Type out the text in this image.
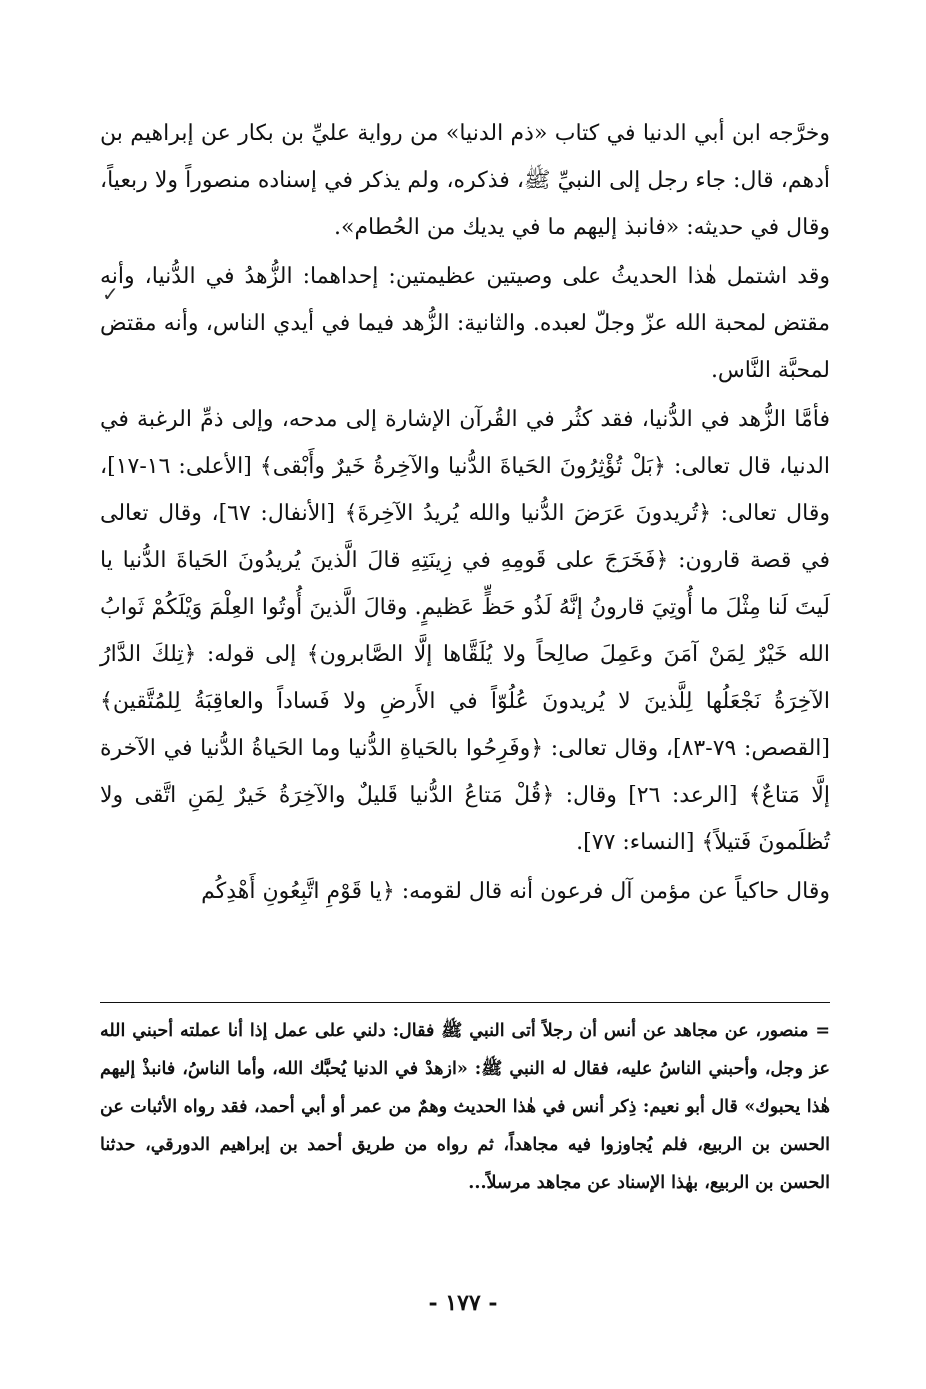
✓

وخرَّجه ابن أبي الدنيا في كتاب «ذم الدنيا» من رواية عليِّ بن بكار عن إبراهيم بن أدهم، قال: جاء رجل إلى النبيِّ ﷺ، فذكره، ولم يذكر في إسناده منصوراً ولا ربعياً، وقال في حديثه: «فانبذ إليهم ما في يديك من الحُطام».

وقد اشتمل هٰذا الحديثُ على وصيتين عظيمتين: إحداهما: الزُّهدُ في الدُّنيا، وأنه مقتض لمحبة الله عزّ وجلّ لعبده. والثانية: الزُّهد فيما في أيدي الناس، وأنه مقتض لمحبَّة النَّاس.

فأمَّا الزُّهد في الدُّنيا، فقد كثُر في القُرآن الإشارة إلى مدحه، وإلى ذمِّ الرغبة في الدنيا، قال تعالى: ﴿بَلْ تُؤْثِرُونَ الحَياةَ الدُّنيا والآخِرةُ خَيرٌ وأَبْقى﴾ [الأعلى: ١٦-١٧]، وقال تعالى: ﴿تُريدونَ عَرَضَ الدُّنيا والله يُريدُ الآخِرةَ﴾ [الأنفال: ٦٧]، وقال تعالى في قصة قارون: ﴿فَخَرَجَ على قَومِهِ في زِينَتِهِ قالَ الَّذينَ يُريدُونَ الحَياةَ الدُّنيا يا لَيتَ لَنا مِثْلَ ما أُوتِيَ قارونُ إنَّهُ لَذُو حَظٍّ عَظيمٍ. وقالَ الَّذينَ أُوتُوا العِلْمَ وَيْلَكُمْ ثَوابُ الله خَيْرٌ لِمَنْ آمَنَ وعَمِلَ صالِحاً ولا يُلَقَّاها إلَّا الصَّابرون﴾ إلى قوله: ﴿تِلكَ الدَّارُ الآخِرَةُ نَجْعَلُها لِلَّذينَ لا يُريدونَ عُلُوّاً في الأَرضِ ولا فَساداً والعاقِبَةُ لِلمُتَّقين﴾ [القصص: ٧٩-٨٣]، وقال تعالى: ﴿وفَرِحُوا بالحَياةِ الدُّنيا وما الحَياةُ الدُّنيا في الآخرة إلَّا مَتاعٌ﴾ [الرعد: ٢٦] وقال: ﴿قُلْ مَتاعُ الدُّنيا قَليلٌ والآخِرَةُ خَيرٌ لِمَنِ اتَّقى ولا تُظلَمونَ فَتيلاً﴾ [النساء: ٧٧].

وقال حاكياً عن مؤمن آل فرعون أنه قال لقومه: ﴿يا قَوْمِ اتَّبِعُونِ أَهْدِكُم

= منصور، عن مجاهد عن أنس أن رجلاً أتى النبي ﷺ فقال: دلني على عمل إذا أنا عملته أحبني الله عز وجل، وأحبني الناسُ عليه، فقال له النبي ﷺ: «ازهدْ في الدنيا يُحبَّك الله، وأما الناسُ، فانبذْ إليهم هٰذا يحبوك» قال أبو نعيم: ذِكر أنس في هٰذا الحديث وهمٌ من عمر أو أبي أحمد، فقد رواه الأثبات عن الحسن بن الربيع، فلم يُجاوزوا فيه مجاهداً، ثم رواه من طريق أحمد بن إبراهيم الدورقي، حدثنا الحسن بن الربيع، بهٰذا الإسناد عن مجاهد مرسلاً...

- ١٧٧ -
